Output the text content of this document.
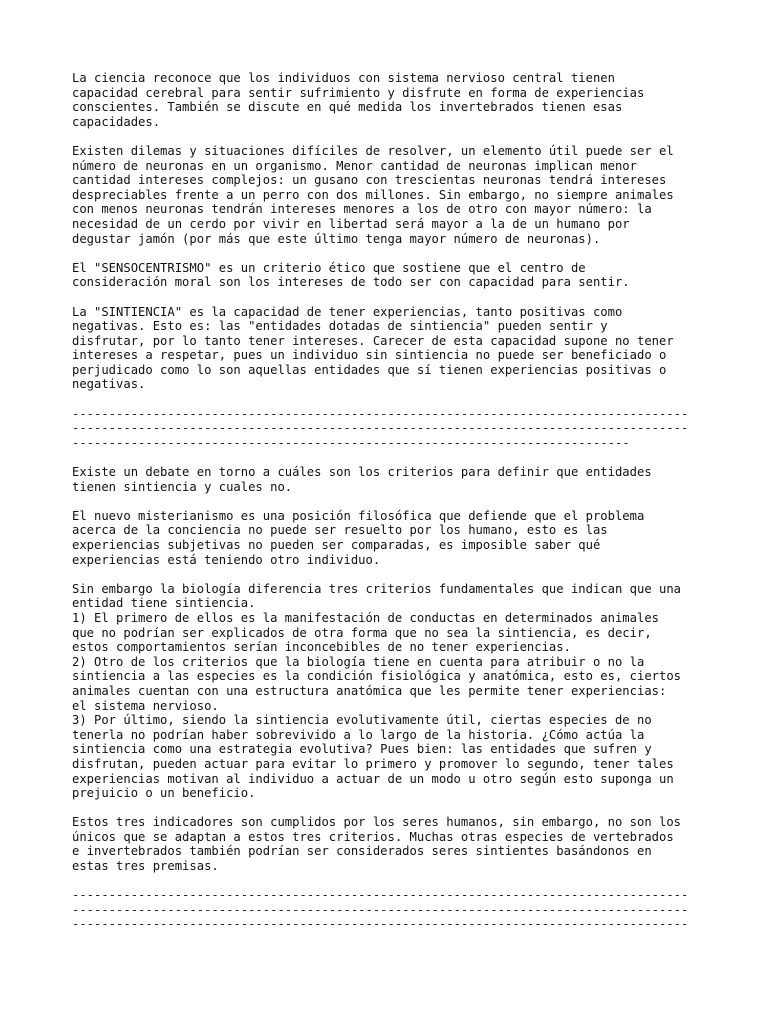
La ciencia reconoce que los individuos con sistema nervioso central tienen
capacidad cerebral para sentir sufrimiento y disfrute en forma de experiencias
conscientes. También se discute en qué medida los invertebrados tienen esas
capacidades.

Existen dilemas y situaciones difíciles de resolver, un elemento útil puede ser el
número de neuronas en un organismo. Menor cantidad de neuronas implican menor
cantidad intereses complejos: un gusano con trescientas neuronas tendrá intereses
despreciables frente a un perro con dos millones. Sin embargo, no siempre animales
con menos neuronas tendrán intereses menores a los de otro con mayor número: la
necesidad de un cerdo por vivir en libertad será mayor a la de un humano por
degustar jamón (por más que este último tenga mayor número de neuronas).

El "SENSOCENTRISMO" es un criterio ético que sostiene que el centro de
consideración moral son los intereses de todo ser con capacidad para sentir.

La "SINTIENCIA" es la capacidad de tener experiencias, tanto positivas como
negativas. Esto es: las "entidades dotadas de sintiencia" pueden sentir y
disfrutar, por lo tanto tener intereses. Carecer de esta capacidad supone no tener
intereses a respetar, pues un individuo sin sintiencia no puede ser beneficiado o
perjudicado como lo son aquellas entidades que sí tienen experiencias positivas o
negativas.

------------------------------------------------------------------------------------
------------------------------------------------------------------------------------
----------------------------------------------------------------------------

Existe un debate en torno a cuáles son los criterios para definir que entidades
tienen sintiencia y cuales no.

El nuevo misterianismo es una posición filosófica que defiende que el problema
acerca de la conciencia no puede ser resuelto por los humano, esto es las
experiencias subjetivas no pueden ser comparadas, es imposible saber qué
experiencias está teniendo otro individuo.

Sin embargo la biología diferencia tres criterios fundamentales que indican que una
entidad tiene sintiencia.
1) El primero de ellos es la manifestación de conductas en determinados animales
que no podrían ser explicados de otra forma que no sea la sintiencia, es decir,
estos comportamientos serían inconcebibles de no tener experiencias.
2) Otro de los criterios que la biología tiene en cuenta para atribuir o no la
sintiencia a las especies es la condición fisiológica y anatómica, esto es, ciertos
animales cuentan con una estructura anatómica que les permite tener experiencias:
el sistema nervioso.
3) Por último, siendo la sintiencia evolutivamente útil, ciertas especies de no
tenerla no podrían haber sobrevivido a lo largo de la historia. ¿Cómo actúa la
sintiencia como una estrategia evolutiva? Pues bien: las entidades que sufren y
disfrutan, pueden actuar para evitar lo primero y promover lo segundo, tener tales
experiencias motivan al individuo a actuar de un modo u otro según esto suponga un
prejuicio o un beneficio.

Estos tres indicadores son cumplidos por los seres humanos, sin embargo, no son los
únicos que se adaptan a estos tres criterios. Muchas otras especies de vertebrados
e invertebrados también podrían ser considerados seres sintientes basándonos en
estas tres premisas.

------------------------------------------------------------------------------------
------------------------------------------------------------------------------------
------------------------------------------------------------------------------------
